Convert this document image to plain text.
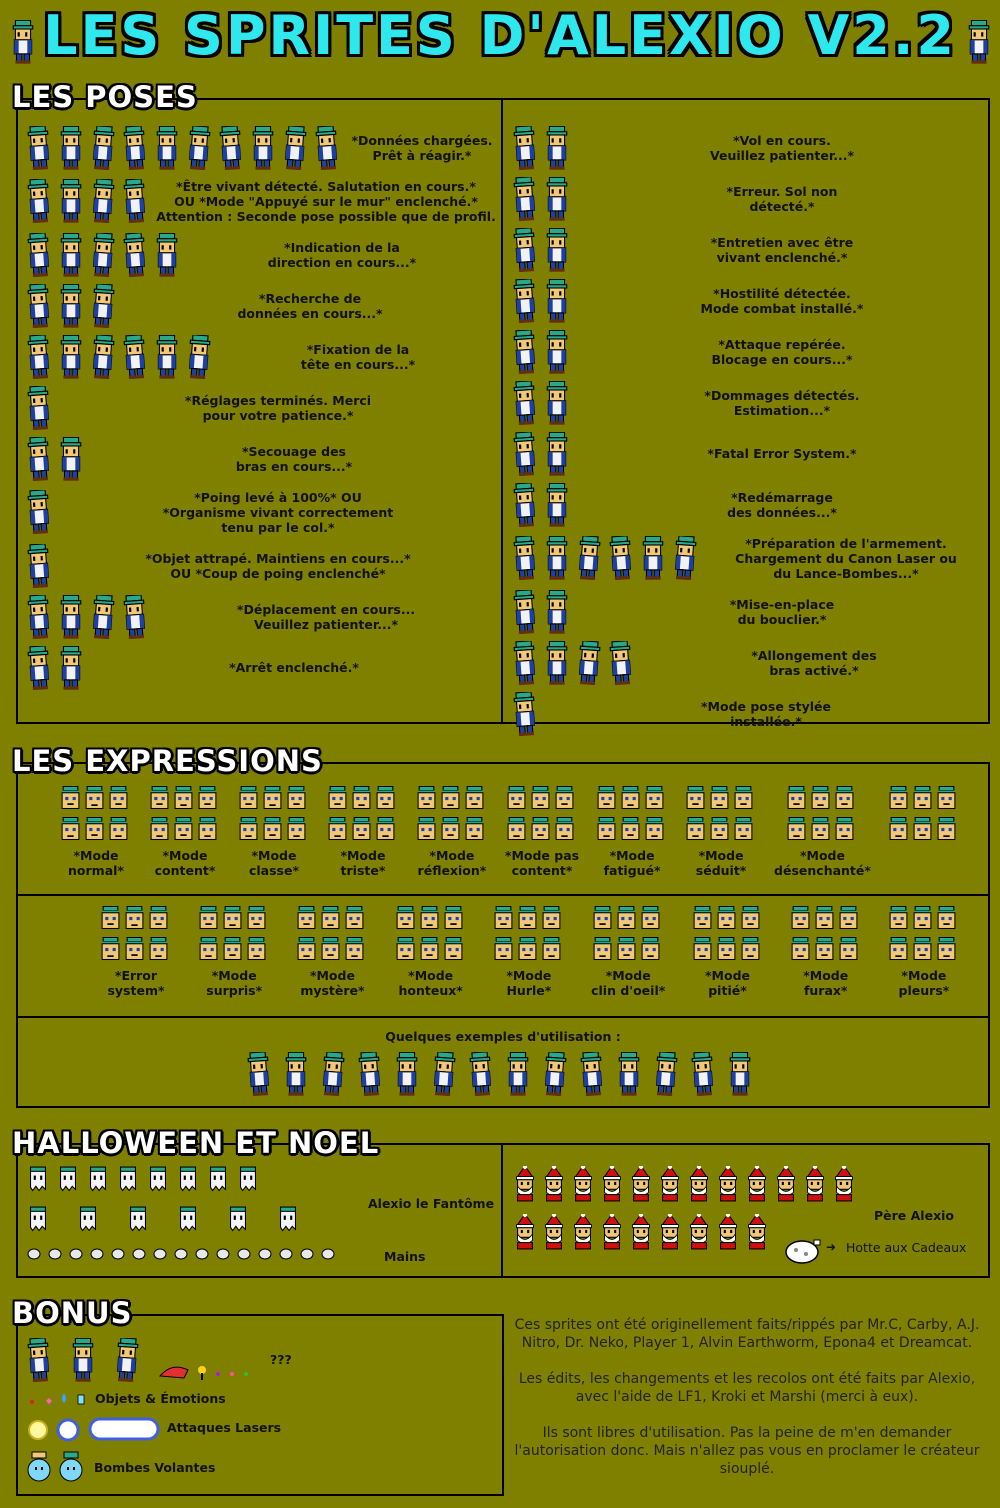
LES SPRITES D'ALEXIO V2.2
LES POSES
*Données chargées.
Prêt à réagir.*
*Être vivant détecté. Salutation en cours.*
OU *Mode "Appuyé sur le mur" enclenché.*
Attention : Seconde pose possible que de profil.
*Indication de la
direction en cours...*
*Recherche de
données en cours...*
*Fixation de la
tête en cours...*
*Réglages terminés. Merci
pour votre patience.*
*Secouage des
bras en cours...*
*Poing levé à 100%* OU
*Organisme vivant correctement
tenu par le col.*
*Objet attrapé. Maintiens en cours...*
OU *Coup de poing enclenché*
*Déplacement en cours...
Veuillez patienter...*
*Arrêt enclenché.*
*Vol en cours.
Veuillez patienter...*
*Erreur. Sol non
détecté.*
*Entretien avec être
vivant enclenché.*
*Hostilité détectée.
Mode combat installé.*
*Attaque repérée.
Blocage en cours...*
*Dommages détectés.
Estimation...*
*Fatal Error System.*
*Redémarrage
des données...*
*Préparation de l'armement.
Chargement du Canon Laser ou
du Lance-Bombes...*
*Mise-en-place
du bouclier.*
*Allongement des
bras activé.*
*Mode pose stylée
installée.*
LES EXPRESSIONS
*Mode
normal*
*Mode
content*
*Mode
classe*
*Mode
triste*
*Mode
réflexion*
*Mode pas
content*
*Mode
fatigué*
*Mode
séduit*
*Mode
désenchanté*
*Error
system*
*Mode
surpris*
*Mode
mystère*
*Mode
honteux*
*Mode
Hurle*
*Mode
clin d'oeil*
*Mode
pitié*
*Mode
furax*
*Mode
pleurs*
Quelques exemples d'utilisation :
HALLOWEEN ET NOEL
Alexio le Fantôme
Mains
Père Alexio
➜ Hotte aux Cadeaux
BONUS
???
Objets & Émotions
Attaques Lasers
Bombes Volantes

Ces sprites ont été originellement faits/rippés par Mr.C, Carby, A.J. Nitro, Dr. Neko, Player 1, Alvin Earthworm, Epona4 et Dreamcat.

Les édits, les changements et les recolos ont été faits par Alexio, avec l'aide de LF1, Kroki et Marshi (merci à eux).

Ils sont libres d'utilisation. Pas la peine de m'en demander l'autorisation donc. Mais n'allez pas vous en proclamer le créateur siouplé.
